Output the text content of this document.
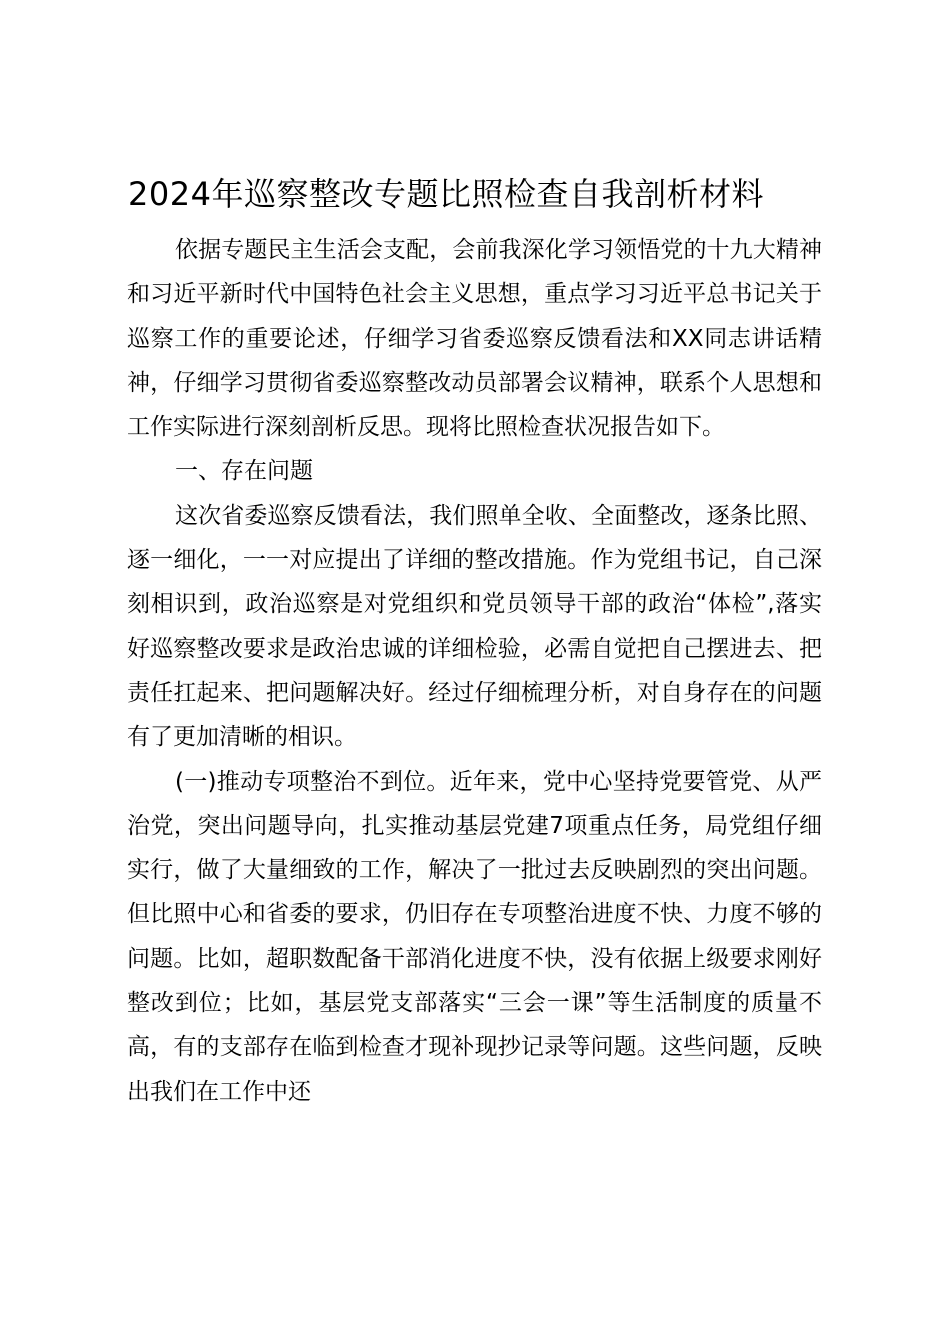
2024年巡察整改专题比照检查自我剖析材料

依据专题民主生活会支配，会前我深化学习领悟党的十九大精神和习近平新时代中国特色社会主义思想，重点学习习近平总书记关于巡察工作的重要论述，仔细学习省委巡察反馈看法和XX同志讲话精神，仔细学习贯彻省委巡察整改动员部署会议精神，联系个人思想和工作实际进行深刻剖析反思。现将比照检查状况报告如下。

一、存在问题

这次省委巡察反馈看法，我们照单全收、全面整改，逐条比照、逐一细化，一一对应提出了详细的整改措施。作为党组书记，自己深刻相识到，政治巡察是对党组织和党员领导干部的政治“体检”,落实好巡察整改要求是政治忠诚的详细检验，必需自觉把自己摆进去、把责任扛起来、把问题解决好。经过仔细梳理分析，对自身存在的问题有了更加清晰的相识。

(一)推动专项整治不到位。近年来，党中心坚持党要管党、从严治党，突出问题导向，扎实推动基层党建7项重点任务，局党组仔细实行，做了大量细致的工作，解决了一批过去反映剧烈的突出问题。但比照中心和省委的要求，仍旧存在专项整治进度不快、力度不够的问题。比如，超职数配备干部消化进度不快，没有依据上级要求刚好整改到位；比如，基层党支部落实“三会一课”等生活制度的质量不高，有的支部存在临到检查才现补现抄记录等问题。这些问题，反映出我们在工作中还
